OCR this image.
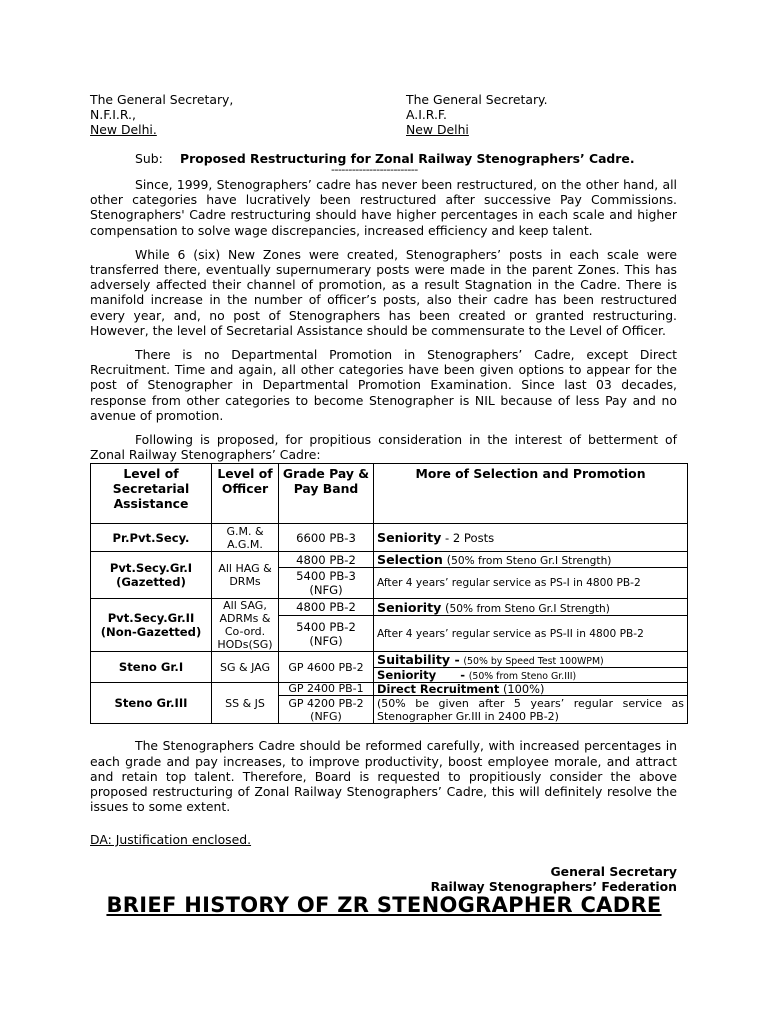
The General Secretary,
N.F.I.R.,
New Delhi.
The General Secretary.
A.I.R.F.
New Delhi
Sub: Proposed Restructuring for Zonal Railway Stenographers’ Cadre.
-------------------------

Since, 1999, Stenographers’ cadre has never been restructured, on the other hand, all other categories have lucratively been restructured after successive Pay Commissions. Stenographers' Cadre restructuring should have higher percentages in each scale and higher compensation to solve wage discrepancies, increased efficiency and keep talent.

While 6 (six) New Zones were created, Stenographers’ posts in each scale were transferred there, eventually supernumerary posts were made in the parent Zones. This has adversely affected their channel of promotion, as a result Stagnation in the Cadre. There is manifold increase in the number of officer’s posts, also their cadre has been restructured every year, and, no post of Stenographers has been created or granted restructuring. However, the level of Secretarial Assistance should be commensurate to the Level of Officer.

There is no Departmental Promotion in Stenographers’ Cadre, except Direct Recruitment. Time and again, all other categories have been given options to appear for the post of Stenographer in Departmental Promotion Examination. Since last 03 decades, response from other categories to become Stenographer is NIL because of less Pay and no avenue of promotion.

Following is proposed, for propitious consideration in the interest of betterment of Zonal Railway Stenographers’ Cadre:

Level of Secretarial Assistance	Level of Officer	Grade Pay & Pay Band	More of Selection and Promotion
Pr.Pvt.Secy.	G.M. & A.G.M.	6600 PB-3	Seniority - 2 Posts
Pvt.Secy.Gr.I (Gazetted)	All HAG & DRMs	4800 PB-2	Selection (50% from Steno Gr.I Strength)
		5400 PB-3 (NFG)	After 4 years’ regular service as PS-I in 4800 PB-2
Pvt.Secy.Gr.II (Non-Gazetted)	All SAG, ADRMs & Co-ord. HODs(SG)	4800 PB-2	Seniority (50% from Steno Gr.I Strength)
		5400 PB-2 (NFG)	After 4 years’ regular service as PS-II in 4800 PB-2
Steno Gr.I	SG & JAG	GP 4600 PB-2	Suitability - (50% by Speed Test 100WPM)
			Seniority - (50% from Steno Gr.III)
Steno Gr.III	SS & JS	GP 2400 PB-1	Direct Recruitment (100%)
		GP 4200 PB-2 (NFG)	(50% be given after 5 years’ regular service as Stenographer Gr.III in 2400 PB-2)

The Stenographers Cadre should be reformed carefully, with increased percentages in each grade and pay increases, to improve productivity, boost employee morale, and attract and retain top talent. Therefore, Board is requested to propitiously consider the above proposed restructuring of Zonal Railway Stenographers’ Cadre, this will definitely resolve the issues to some extent.

DA: Justification enclosed.
General Secretary
Railway Stenographers’ Federation
BRIEF HISTORY OF ZR STENOGRAPHER CADRE
